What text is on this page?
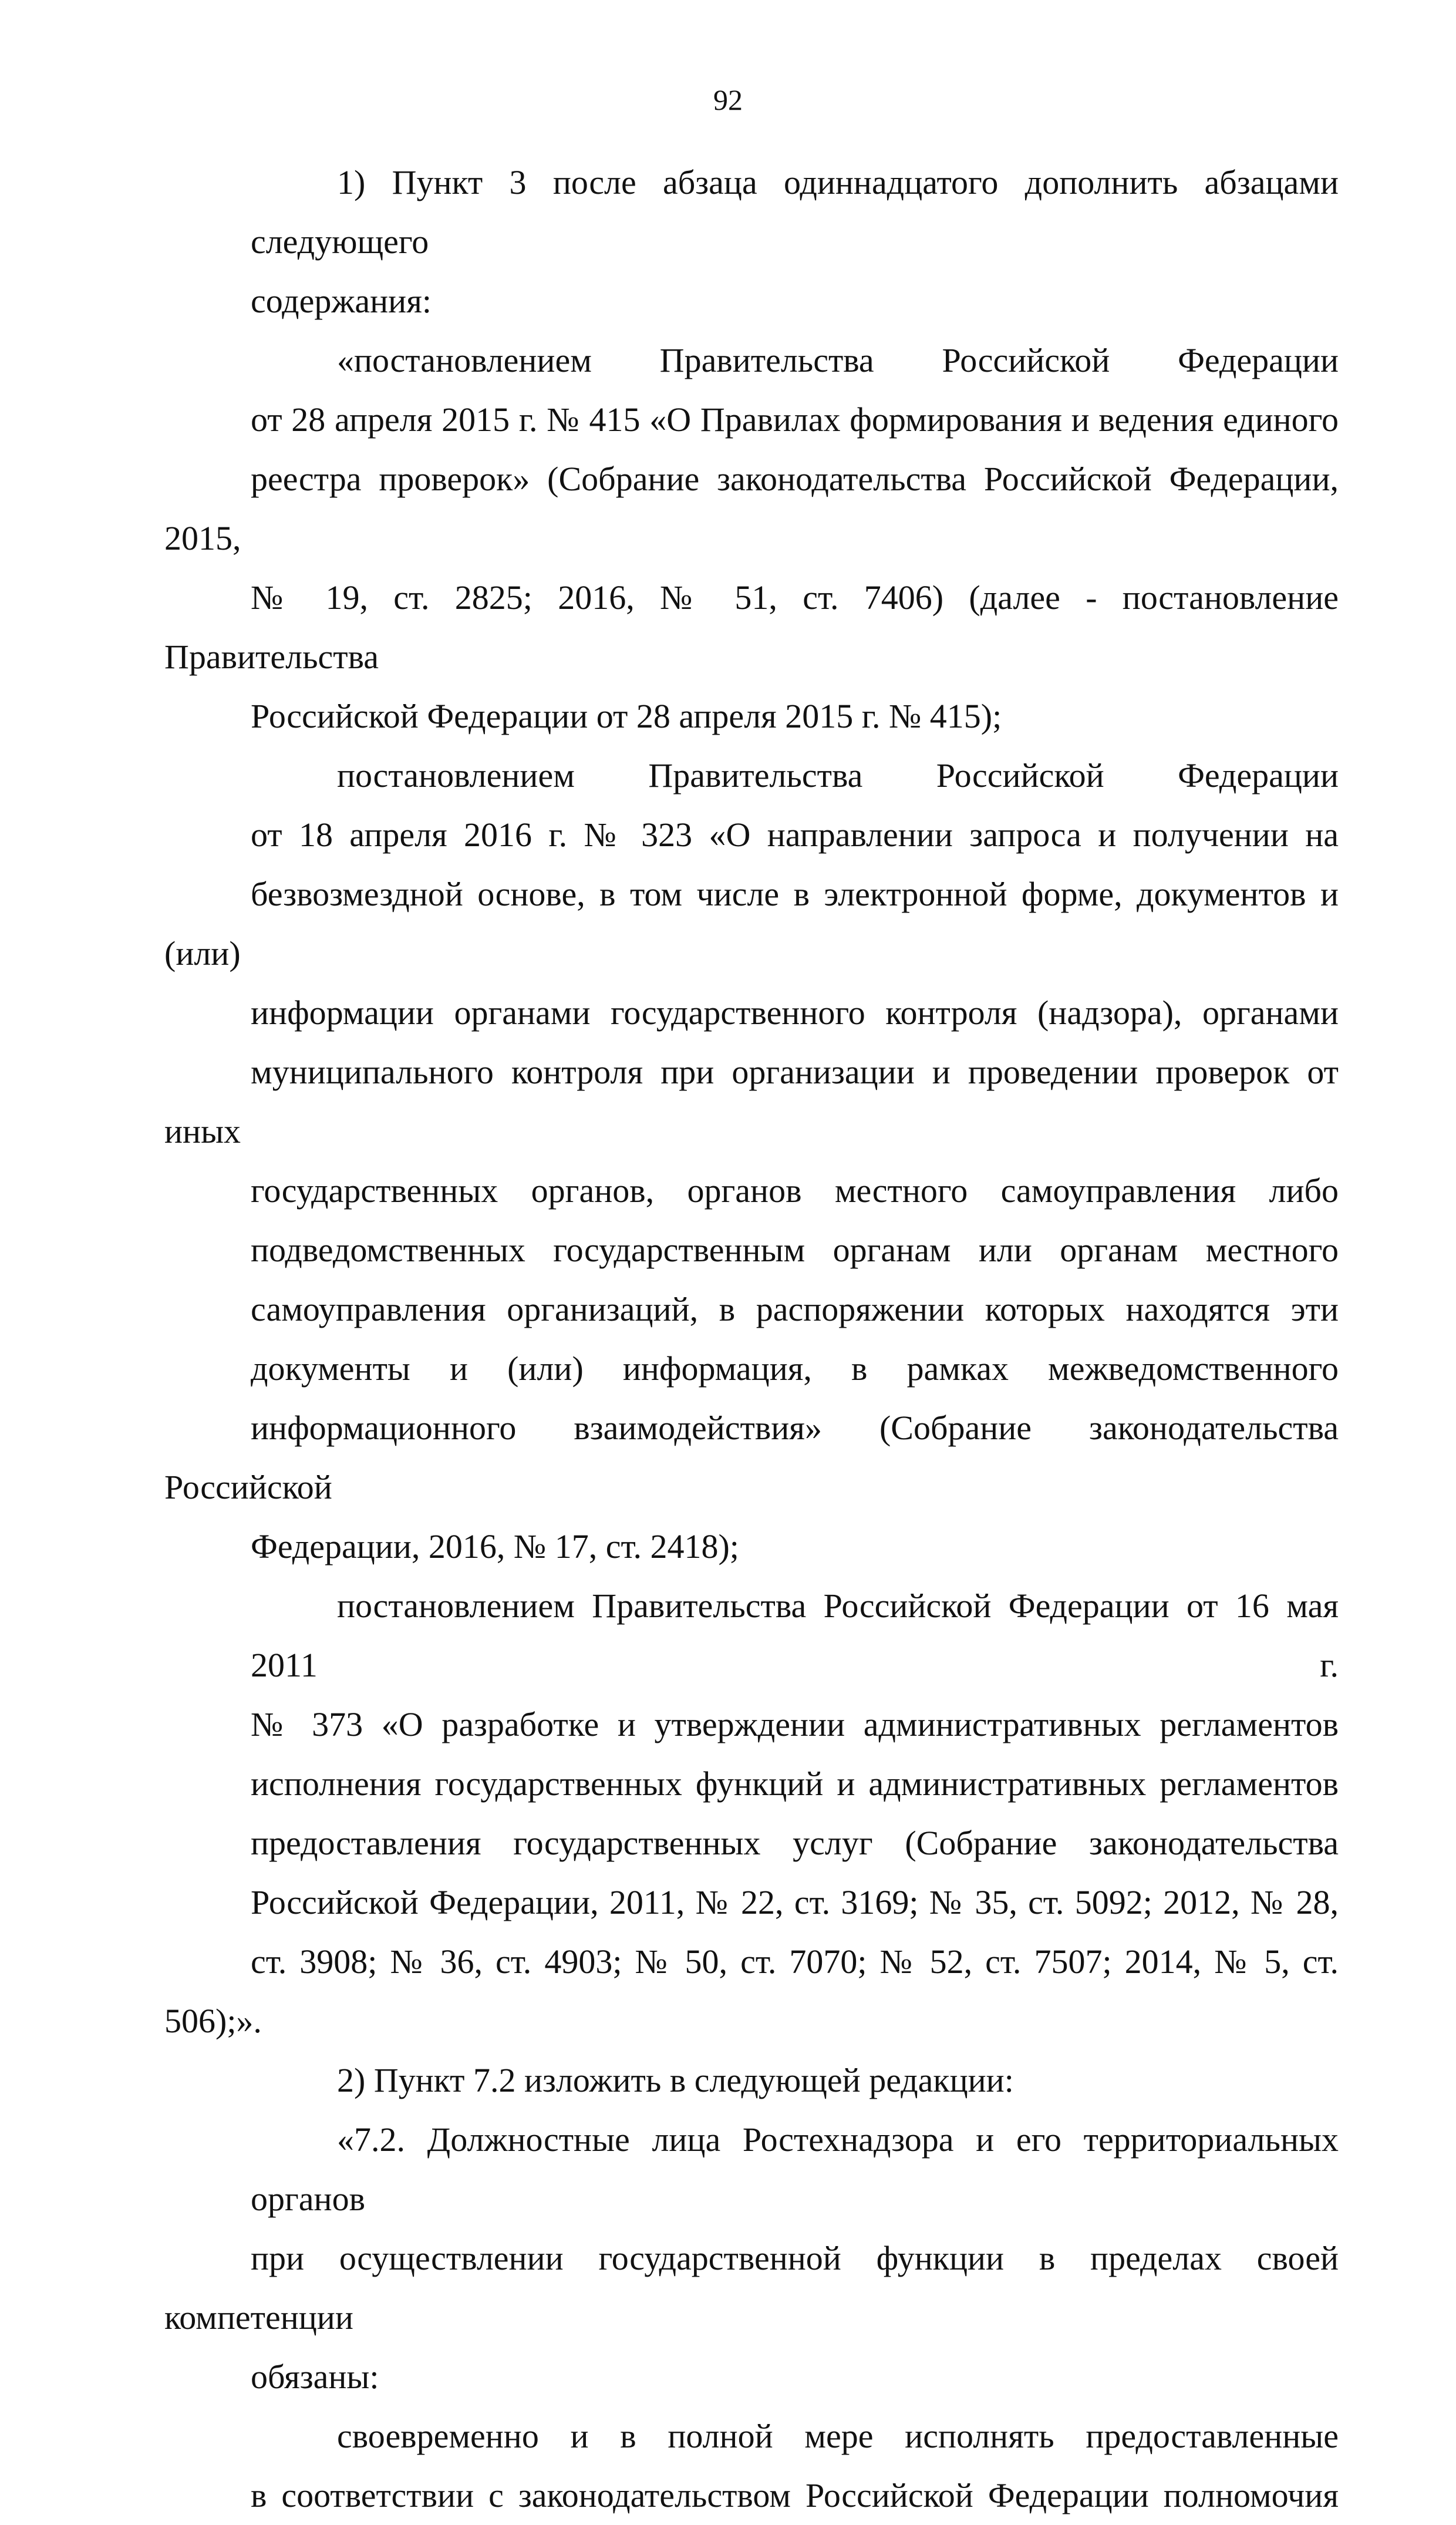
92
1) Пункт 3 после абзаца одиннадцатого дополнить абзацами следующего
содержания:
«постановлением Правительства Российской Федерации
от 28 апреля 2015 г. № 415 «О Правилах формирования и ведения единого
реестра проверок» (Собрание законодательства Российской Федерации, 2015,
№ 19, ст. 2825; 2016, № 51, ст. 7406) (далее - постановление Правительства
Российской Федерации от 28 апреля 2015 г. № 415);
постановлением Правительства Российской Федерации
от 18 апреля 2016 г. № 323 «О направлении запроса и получении на
безвозмездной основе, в том числе в электронной форме, документов и (или)
информации органами государственного контроля (надзора), органами
муниципального контроля при организации и проведении проверок от иных
государственных органов, органов местного самоуправления либо
подведомственных государственным органам или органам местного
самоуправления организаций, в распоряжении которых находятся эти
документы и (или) информация, в рамках межведомственного
информационного взаимодействия» (Собрание законодательства Российской
Федерации, 2016, № 17, ст. 2418);
постановлением Правительства Российской Федерации от 16 мая 2011 г.
№ 373 «О разработке и утверждении административных регламентов
исполнения государственных функций и административных регламентов
предоставления государственных услуг (Собрание законодательства
Российской Федерации, 2011, № 22, ст. 3169; № 35, ст. 5092; 2012, № 28,
ст. 3908; № 36, ст. 4903; № 50, ст. 7070; № 52, ст. 7507; 2014, № 5, ст. 506);».
2) Пункт 7.2 изложить в следующей редакции:
«7.2. Должностные лица Ростехнадзора и его территориальных органов
при осуществлении государственной функции в пределах своей компетенции
обязаны:
своевременно и в полной мере исполнять предоставленные
в соответствии с законодательством Российской Федерации полномочия
